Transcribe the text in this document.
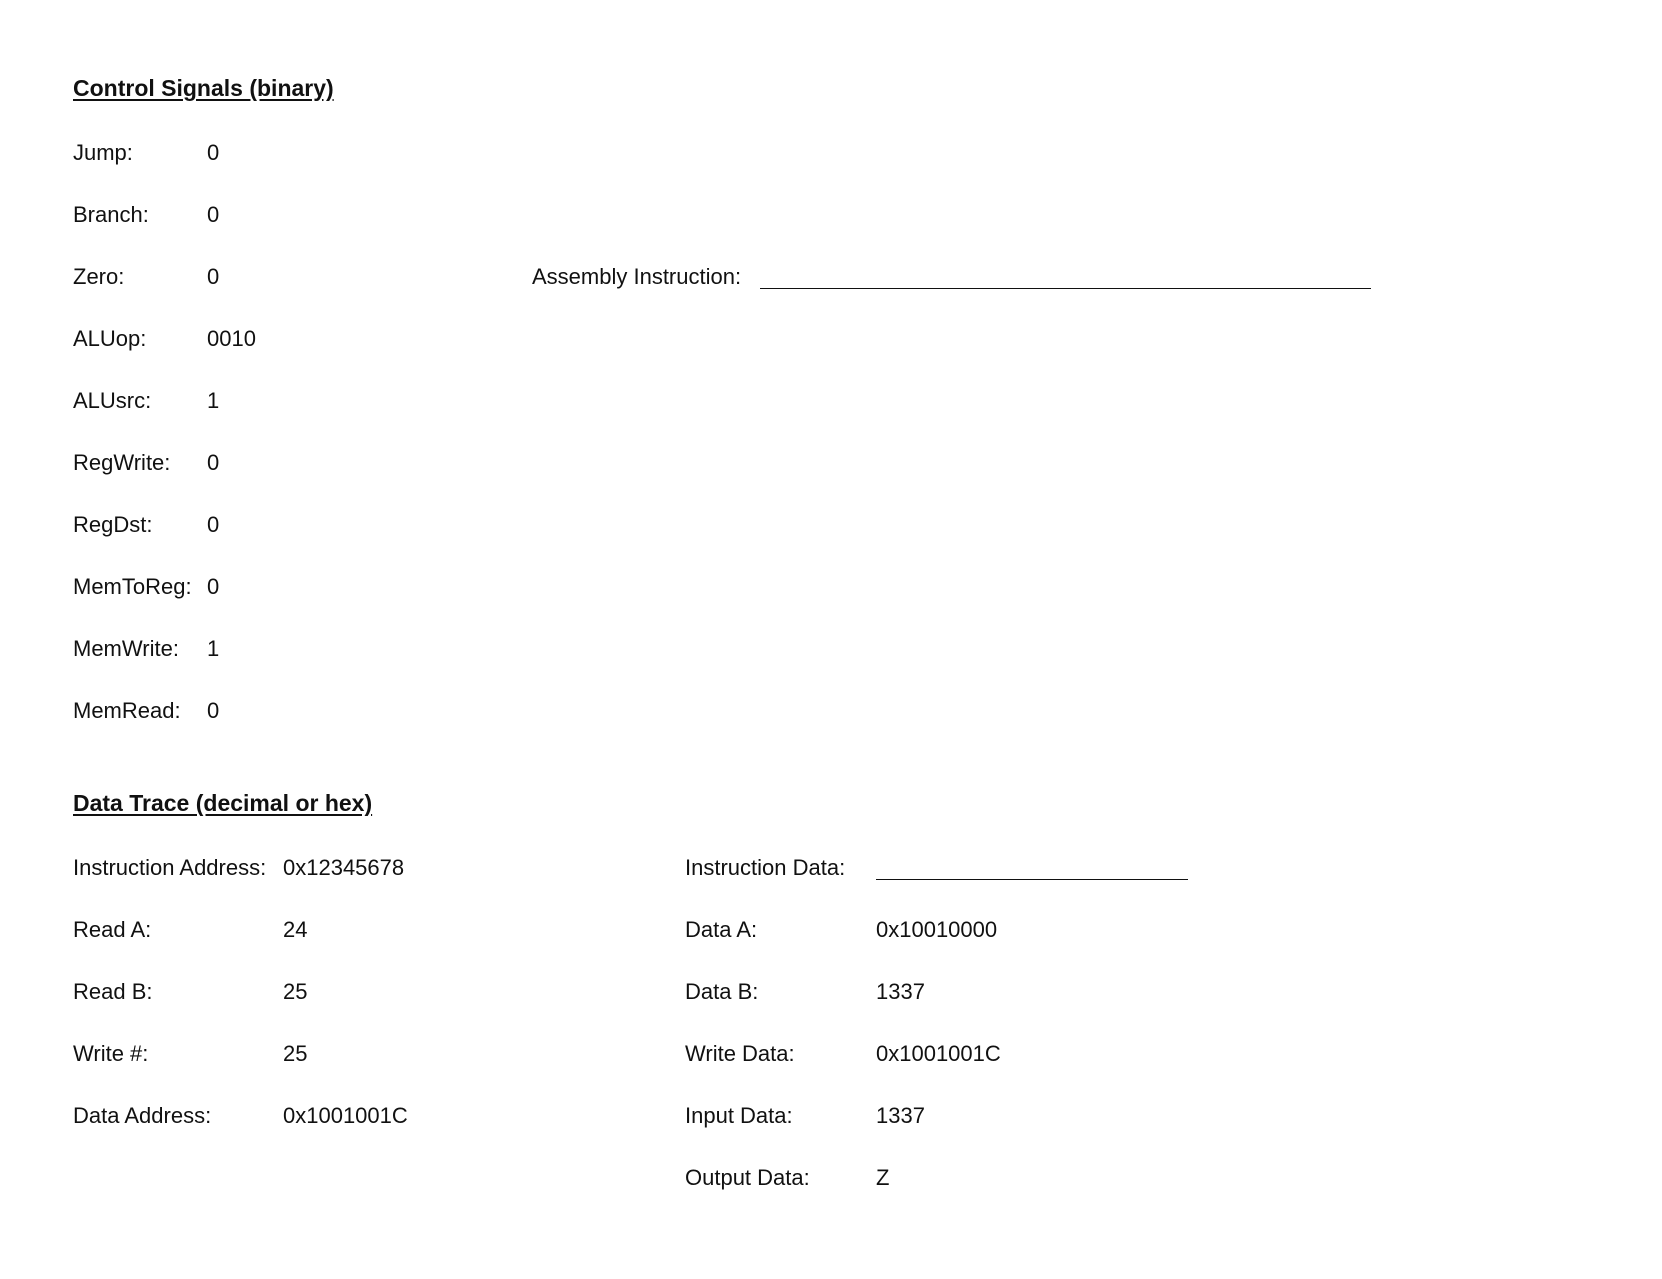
Control Signals (binary)
Jump:	0
Branch:	0
Zero:	0
ALUop:	0010
ALUsrc:	1
RegWrite: 0
RegDst: 0
MemToReg: 0
MemWrite: 1
MemRead: 0
Assembly Instruction:
Data Trace (decimal or hex)
Instruction Address: 0x12345678
Read A:	24
Read B:	25
Write #:	25
Data Address:	0x1001001C
Instruction Data:
Data A:	0x10010000
Data B:	1337
Write Data:	0x1001001C
Input Data:	1337
Output Data:	Z
